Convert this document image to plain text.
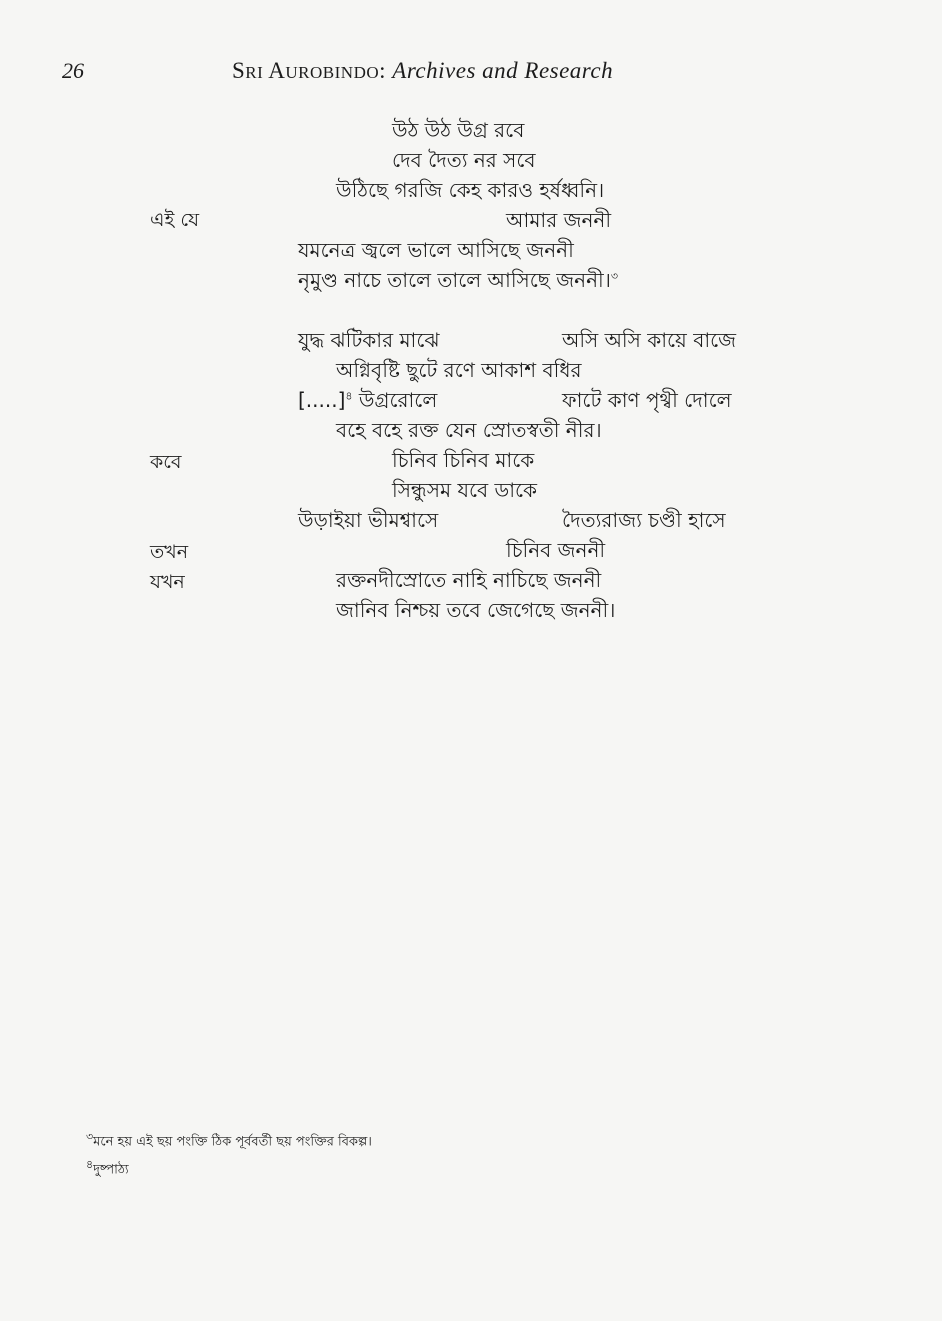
26	SRI AUROBINDO: Archives and Research
এই যে
কবে
তখন
যখন
উঠ উঠ উগ্র রবে
দেব দৈত্য নর সবে
উঠিছে গরজি কেহ কারও হর্ষধ্বনি।
আমার জননী
যমনেত্র জ্বলে ভালে আসিছে জননী
নৃমুণ্ড নাচে তালে তালে আসিছে জননী।$^৩$
যুদ্ধ ঝটিকার মাঝে	অসি অসি কায়ে বাজে
অগ্নিবৃষ্টি ছুটে রণে আকাশ বধির
[.....]$^৪$ উগ্ররোলে	ফাটে কাণ পৃথ্বী দোলে
বহে বহে রক্ত যেন স্রোতস্বতী নীর।
চিনিব চিনিব মাকে
সিন্ধুসম যবে ডাকে
উড়াইয়া ভীমশ্বাসে	দৈত্যরাজ্য চণ্ডী হাসে
চিনিব জননী
রক্তনদীস্রোতে নাহি নাচিছে জননী
জানিব নিশ্চয় তবে জেগেছে জননী।
$^৩$মনে হয় এই ছয় পংক্তি ঠিক পূর্ববর্তী ছয় পংক্তির বিকল্প।
$^৪$দুষ্পাঠ্য
